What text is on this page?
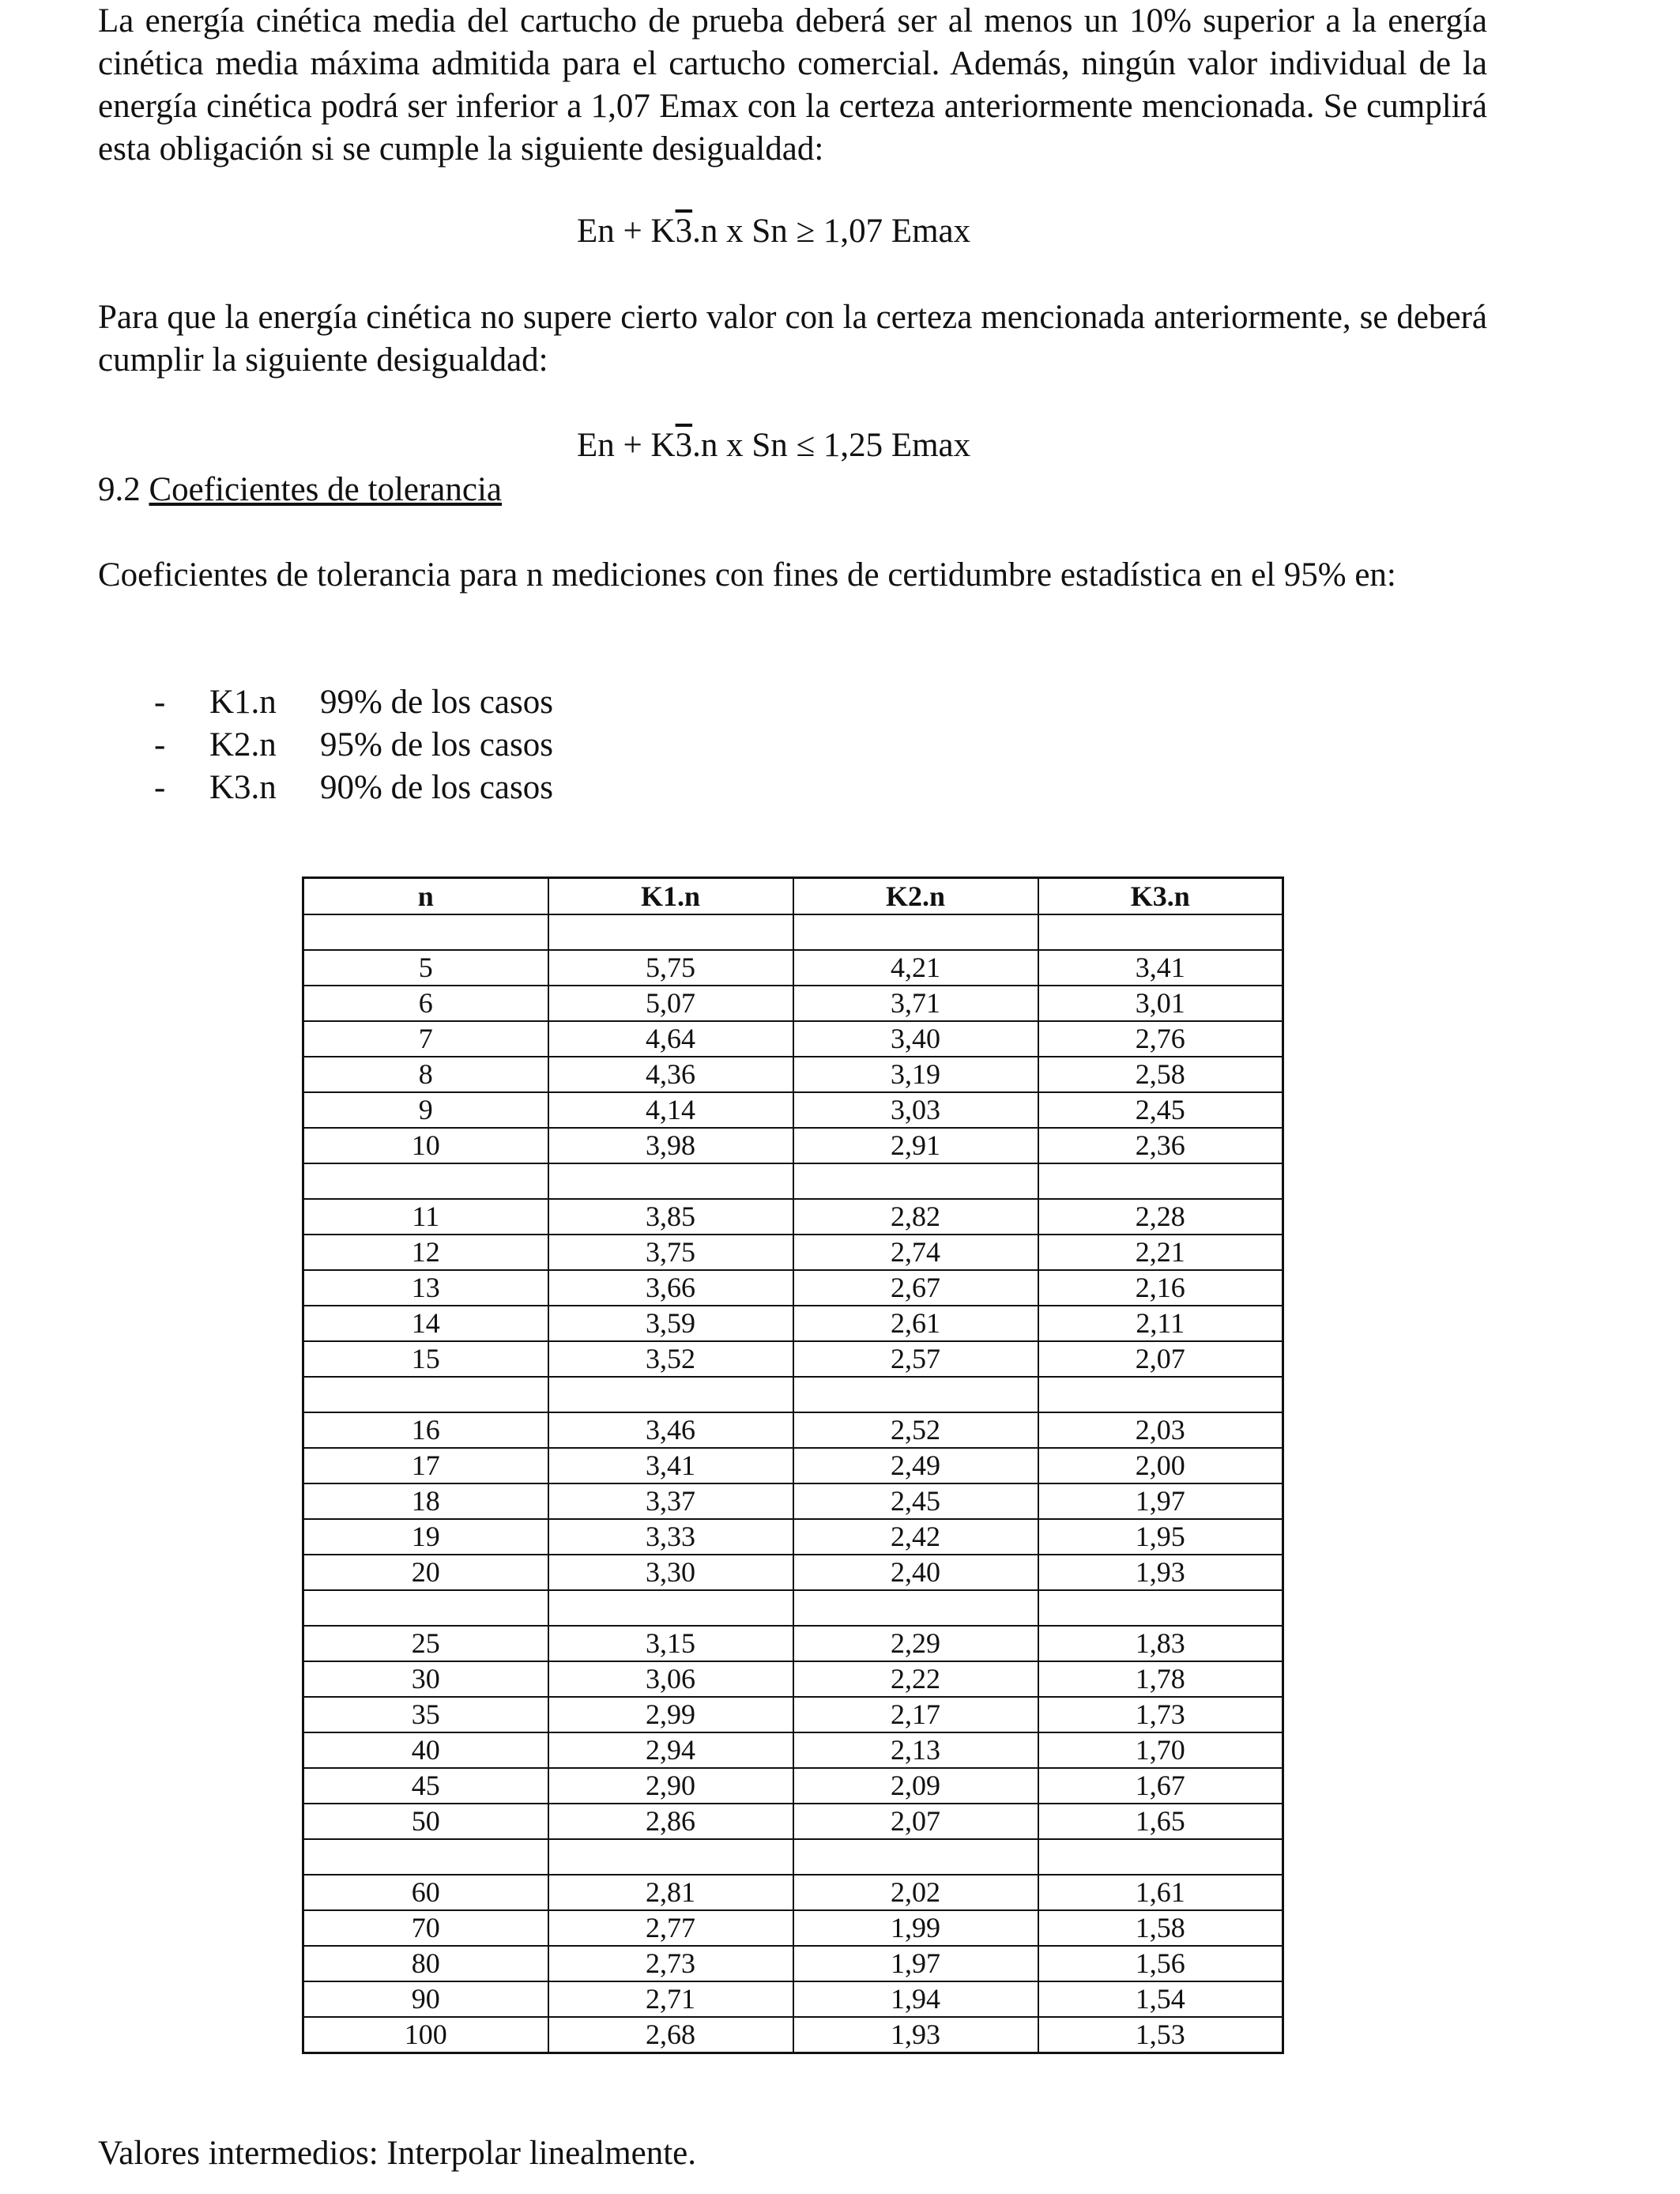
La energía cinética media del cartucho de prueba deberá ser al menos un 10% superior a la energía cinética media máxima admitida para el cartucho comercial. Además, ningún valor individual de la energía cinética podrá ser inferior a 1,07 Emax con la certeza anteriormente mencionada. Se cumplirá esta obligación si se cumple la siguiente desigualdad:

En + K3.n x Sn ≥ 1,07 Emax

Para que la energía cinética no supere cierto valor con la certeza mencionada anteriormente, se deberá cumplir la siguiente desigualdad:

En + K3.n x Sn ≤ 1,25 Emax
9.2 Coeficientes de tolerancia

Coeficientes de tolerancia para n mediciones con fines de certidumbre estadística en el 95% en:

-	K1.n	99% de los casos
-	K2.n	95% de los casos
-	K3.n	90% de los casos
n	K1.n	K2.n	K3.n

5	5,75	4,21	3,41
6	5,07	3,71	3,01
7	4,64	3,40	2,76
8	4,36	3,19	2,58
9	4,14	3,03	2,45
10	3,98	2,91	2,36

11	3,85	2,82	2,28
12	3,75	2,74	2,21
13	3,66	2,67	2,16
14	3,59	2,61	2,11
15	3,52	2,57	2,07

16	3,46	2,52	2,03
17	3,41	2,49	2,00
18	3,37	2,45	1,97
19	3,33	2,42	1,95
20	3,30	2,40	1,93

25	3,15	2,29	1,83
30	3,06	2,22	1,78
35	2,99	2,17	1,73
40	2,94	2,13	1,70
45	2,90	2,09	1,67
50	2,86	2,07	1,65

60	2,81	2,02	1,61
70	2,77	1,99	1,58
80	2,73	1,97	1,56
90	2,71	1,94	1,54
100	2,68	1,93	1,53
Valores intermedios: Interpolar linealmente.
